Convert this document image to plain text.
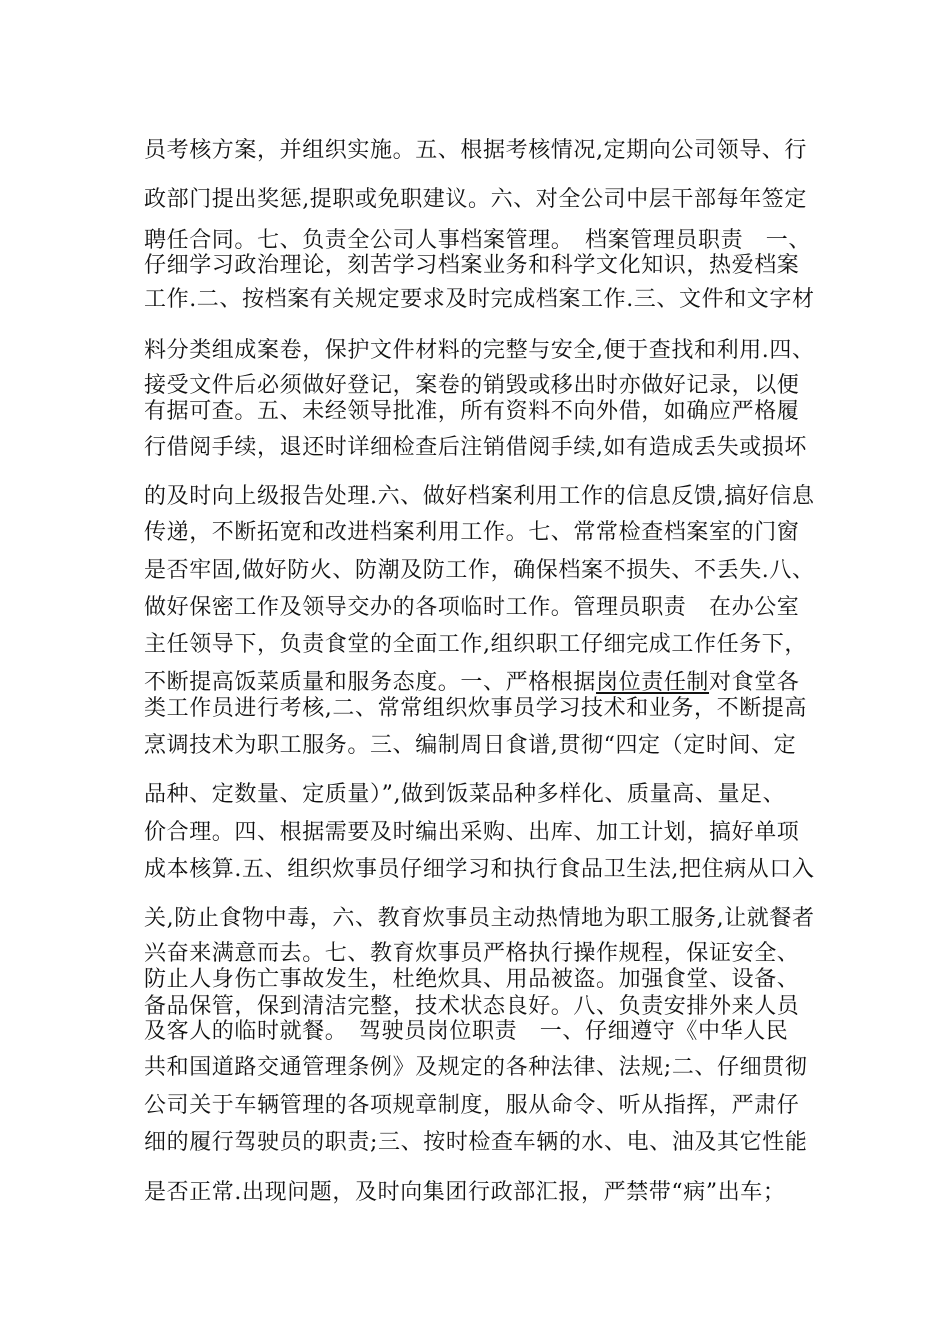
员考核方案，并组织实施。五、根据考核情况,定期向公司领导、行
政部门提出奖惩,提职或免职建议。六、对全公司中层干部每年签定
聘任合同。七、负责全公司人事档案管理。　档案管理员职责　一、
仔细学习政治理论，刻苦学习档案业务和科学文化知识，热爱档案
工作.二、按档案有关规定要求及时完成档案工作.三、文件和文字材
料分类组成案卷，保护文件材料的完整与安全,便于查找和利用.四、
接受文件后必须做好登记，案卷的销毁或移出时亦做好记录，以便
有据可查。五、未经领导批准，所有资料不向外借，如确应严格履
行借阅手续，退还时详细检查后注销借阅手续,如有造成丢失或损坏
的及时向上级报告处理.六、做好档案利用工作的信息反馈,搞好信息
传递，不断拓宽和改进档案利用工作。七、常常检查档案室的门窗
是否牢固,做好防火、防潮及防工作，确保档案不损失、不丢失.八、
做好保密工作及领导交办的各项临时工作。管理员职责　在办公室
主任领导下，负责食堂的全面工作,组织职工仔细完成工作任务下，
不断提高饭菜质量和服务态度。一、严格根据岗位责任制对食堂各
类工作员进行考核,二、常常组织炊事员学习技术和业务，不断提高
烹调技术为职工服务。三、编制周日食谱,贯彻“四定（定时间、定
品种、定数量、定质量）”,做到饭菜品种多样化、质量高、量足、
价合理。四、根据需要及时编出采购、出库、加工计划，搞好单项
成本核算.五、组织炊事员仔细学习和执行食品卫生法,把住病从口入
关,防止食物中毒，六、教育炊事员主动热情地为职工服务,让就餐者
兴奋来满意而去。七、教育炊事员严格执行操作规程，保证安全、
防止人身伤亡事故发生，杜绝炊具、用品被盗。加强食堂、设备、
备品保管，保到清洁完整，技术状态良好。八、负责安排外来人员
及客人的临时就餐。　驾驶员岗位职责　一、仔细遵守《中华人民
共和国道路交通管理条例》及规定的各种法律、法规;二、仔细贯彻
公司关于车辆管理的各项规章制度，服从命令、听从指挥，严肃仔
细的履行驾驶员的职责;三、按时检查车辆的水、电、油及其它性能
是否正常.出现问题，及时向集团行政部汇报，严禁带“病”出车；
